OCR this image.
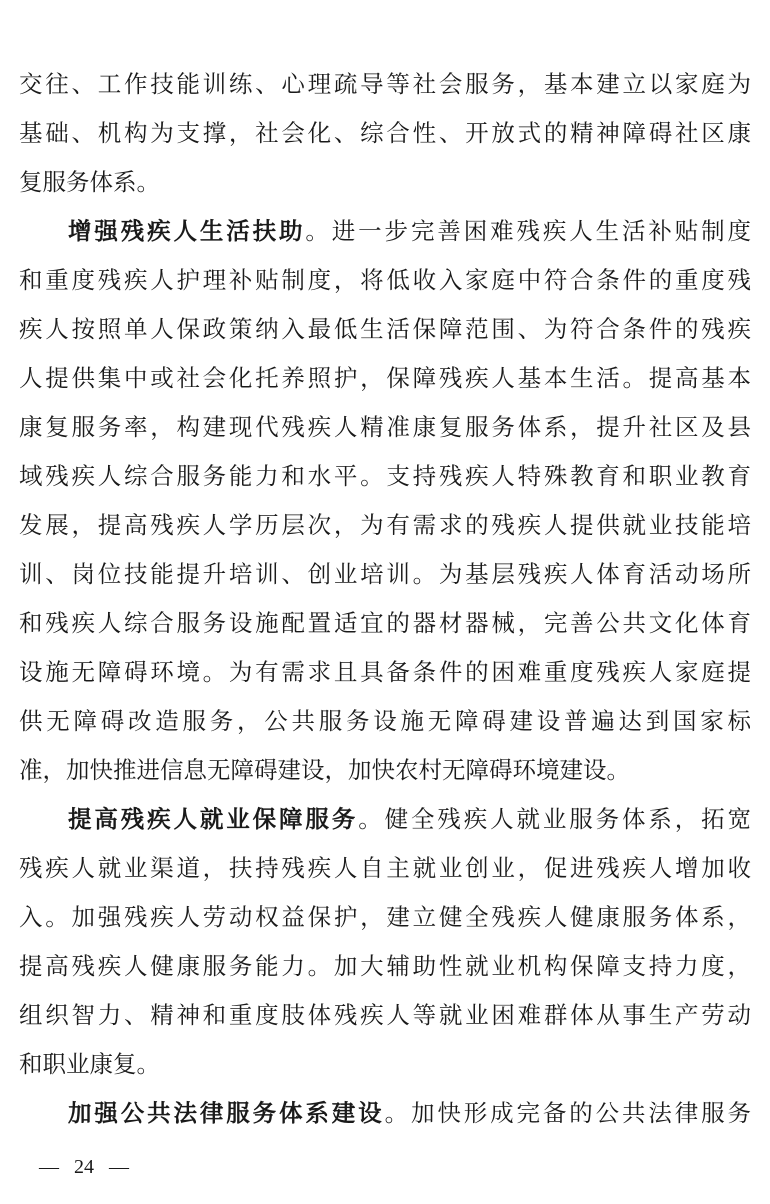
交往、工作技能训练、心理疏导等社会服务，基本建立以家庭为
基础、机构为支撑，社会化、综合性、开放式的精神障碍社区康
复服务体系。
增强残疾人生活扶助。进一步完善困难残疾人生活补贴制度
和重度残疾人护理补贴制度，将低收入家庭中符合条件的重度残
疾人按照单人保政策纳入最低生活保障范围、为符合条件的残疾
人提供集中或社会化托养照护，保障残疾人基本生活。提高基本
康复服务率，构建现代残疾人精准康复服务体系，提升社区及县
域残疾人综合服务能力和水平。支持残疾人特殊教育和职业教育
发展，提高残疾人学历层次，为有需求的残疾人提供就业技能培
训、岗位技能提升培训、创业培训。为基层残疾人体育活动场所
和残疾人综合服务设施配置适宜的器材器械，完善公共文化体育
设施无障碍环境。为有需求且具备条件的困难重度残疾人家庭提
供无障碍改造服务，公共服务设施无障碍建设普遍达到国家标
准，加快推进信息无障碍建设，加快农村无障碍环境建设。
提高残疾人就业保障服务。健全残疾人就业服务体系，拓宽
残疾人就业渠道，扶持残疾人自主就业创业，促进残疾人增加收
入。加强残疾人劳动权益保护，建立健全残疾人健康服务体系，
提高残疾人健康服务能力。加大辅助性就业机构保障支持力度，
组织智力、精神和重度肢体残疾人等就业困难群体从事生产劳动
和职业康复。
加强公共法律服务体系建设。加快形成完备的公共法律服务
— 24 —
